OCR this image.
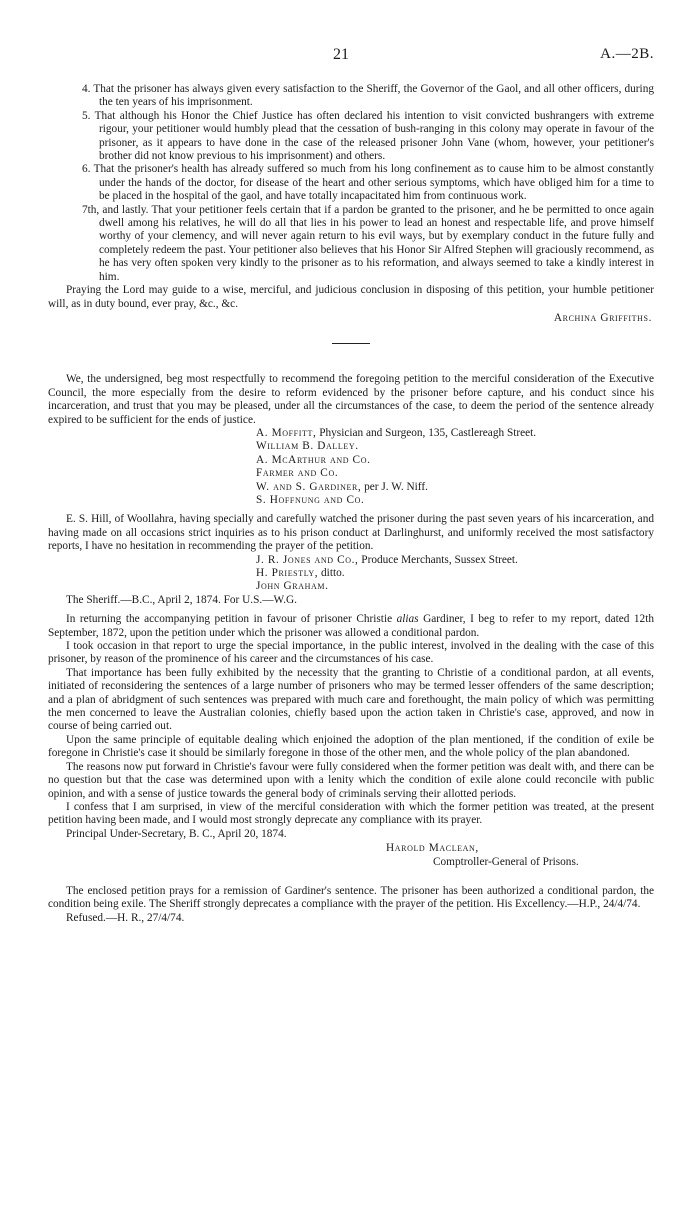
21	A.—2B.

4. That the prisoner has always given every satisfaction to the Sheriff, the Governor of the Gaol, and all other officers, during the ten years of his imprisonment.

5. That although his Honor the Chief Justice has often declared his intention to visit convicted bushrangers with extreme rigour, your petitioner would humbly plead that the cessation of bush-ranging in this colony may operate in favour of the prisoner, as it appears to have done in the case of the released prisoner John Vane (whom, however, your petitioner's brother did not know previous to his imprisonment) and others.

6. That the prisoner's health has already suffered so much from his long confinement as to cause him to be almost constantly under the hands of the doctor, for disease of the heart and other serious symptoms, which have obliged him for a time to be placed in the hospital of the gaol, and have totally incapacitated him from continuous work.

7th, and lastly. That your petitioner feels certain that if a pardon be granted to the prisoner, and he be permitted to once again dwell among his relatives, he will do all that lies in his power to lead an honest and respectable life, and prove himself worthy of your clemency, and will never again return to his evil ways, but by exemplary conduct in the future fully and completely redeem the past. Your petitioner also believes that his Honor Sir Alfred Stephen will graciously recommend, as he has very often spoken very kindly to the prisoner as to his reformation, and always seemed to take a kindly interest in him.

Praying the Lord may guide to a wise, merciful, and judicious conclusion in disposing of this petition, your humble petitioner will, as in duty bound, ever pray, &c., &c.

Archina Griffiths.

We, the undersigned, beg most respectfully to recommend the foregoing petition to the merciful consideration of the Executive Council, the more especially from the desire to reform evidenced by the prisoner before capture, and his conduct since his incarceration, and trust that you may be pleased, under all the circumstances of the case, to deem the period of the sentence already expired to be sufficient for the ends of justice.

A. Moffitt, Physician and Surgeon, 135, Castlereagh Street.

William B. Dalley.

A. McArthur and Co.

Farmer and Co.

W. and S. Gardiner, per J. W. Niff.

S. Hoffnung and Co.

E. S. Hill, of Woollahra, having specially and carefully watched the prisoner during the past seven years of his incarceration, and having made on all occasions strict inquiries as to his prison conduct at Darlinghurst, and uniformly received the most satisfactory reports, I have no hesitation in recommending the prayer of the petition.

J. R. Jones and Co., Produce Merchants, Sussex Street.

H. Priestly, ditto.

John Graham.

The Sheriff.—B.C., April 2, 1874. For U.S.—W.G.

In returning the accompanying petition in favour of prisoner Christie alias Gardiner, I beg to refer to my report, dated 12th September, 1872, upon the petition under which the prisoner was allowed a conditional pardon.

I took occasion in that report to urge the special importance, in the public interest, involved in the dealing with the case of this prisoner, by reason of the prominence of his career and the circumstances of his case.

That importance has been fully exhibited by the necessity that the granting to Christie of a conditional pardon, at all events, initiated of reconsidering the sentences of a large number of prisoners who may be termed lesser offenders of the same description; and a plan of abridgment of such sentences was prepared with much care and forethought, the main policy of which was permitting the men concerned to leave the Australian colonies, chiefly based upon the action taken in Christie's case, approved, and now in course of being carried out.

Upon the same principle of equitable dealing which enjoined the adoption of the plan mentioned, if the condition of exile be foregone in Christie's case it should be similarly foregone in those of the other men, and the whole policy of the plan abandoned.

The reasons now put forward in Christie's favour were fully considered when the former petition was dealt with, and there can be no question but that the case was determined upon with a lenity which the condition of exile alone could reconcile with public opinion, and with a sense of justice towards the general body of criminals serving their allotted periods.

I confess that I am surprised, in view of the merciful consideration with which the former petition was treated, at the present petition having been made, and I would most strongly deprecate any compliance with its prayer.

Principal Under-Secretary, B. C., April 20, 1874.

Harold Maclean,

Comptroller-General of Prisons.

The enclosed petition prays for a remission of Gardiner's sentence. The prisoner has been authorized a conditional pardon, the condition being exile. The Sheriff strongly deprecates a compliance with the prayer of the petition. His Excellency.—H.P., 24/4/74.

Refused.—H. R., 27/4/74.
